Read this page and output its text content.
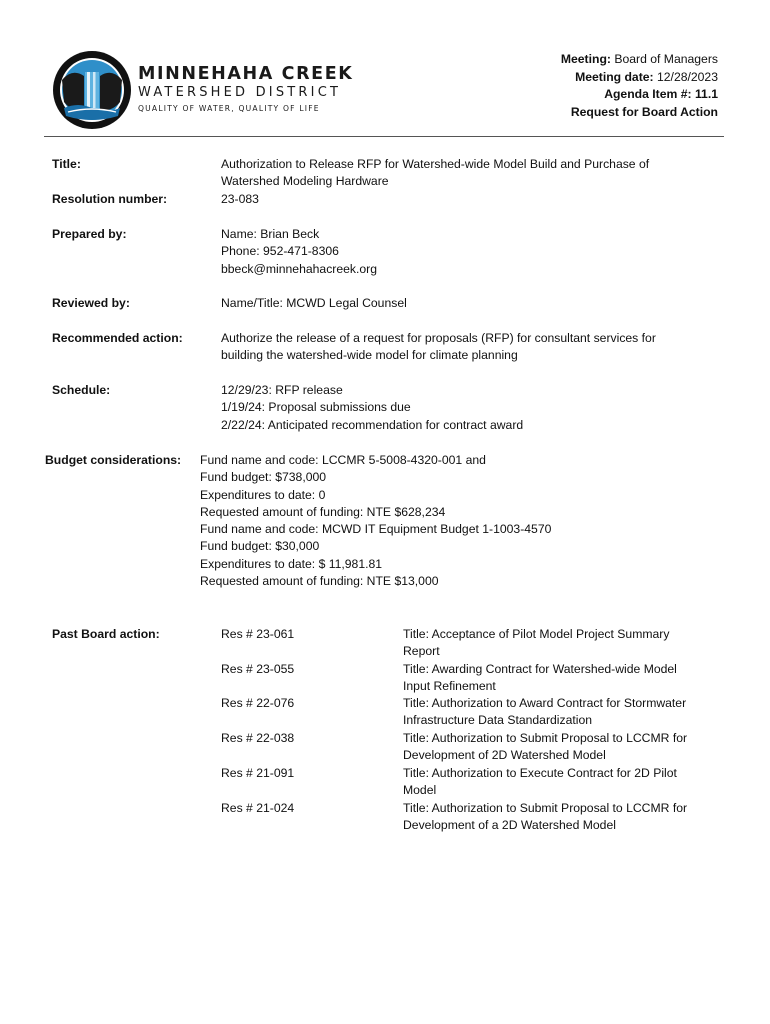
MINNEHAHA CREEK
WATERSHED DISTRICT
QUALITY OF WATER, QUALITY OF LIFE
Meeting: Board of Managers
Meeting date: 12/28/2023
Agenda Item #: 11.1
Request for Board Action
Title:	Authorization to Release RFP for Watershed-wide Model Build and Purchase of
Watershed Modeling Hardware
Resolution number:	23-083
Prepared by:	Name: Brian Beck
Phone: 952-471-8306
bbeck@minnehahacreek.org
Reviewed by:	Name/Title: MCWD Legal Counsel
Recommended action:	Authorize the release of a request for proposals (RFP) for consultant services for
building the watershed-wide model for climate planning
Schedule:	12/29/23: RFP release
1/19/24: Proposal submissions due
2/22/24: Anticipated recommendation for contract award
Budget considerations: Fund name and code: LCCMR 5-5008-4320-001 and
Fund budget: $738,000
Expenditures to date: 0
Requested amount of funding: NTE $628,234
Fund name and code: MCWD IT Equipment Budget 1-1003-4570
Fund budget: $30,000
Expenditures to date: $ 11,981.81
Requested amount of funding: NTE $13,000
Past Board action:	Res # 23-061	Title: Acceptance of Pilot Model Project Summary
Report
Res # 23-055	Title: Awarding Contract for Watershed-wide Model
Input Refinement
Res # 22-076	Title: Authorization to Award Contract for Stormwater
Infrastructure Data Standardization
Res # 22-038	Title: Authorization to Submit Proposal to LCCMR for
Development of 2D Watershed Model
Res # 21-091	Title: Authorization to Execute Contract for 2D Pilot
Model
Res # 21-024	Title: Authorization to Submit Proposal to LCCMR for
Development of a 2D Watershed Model
